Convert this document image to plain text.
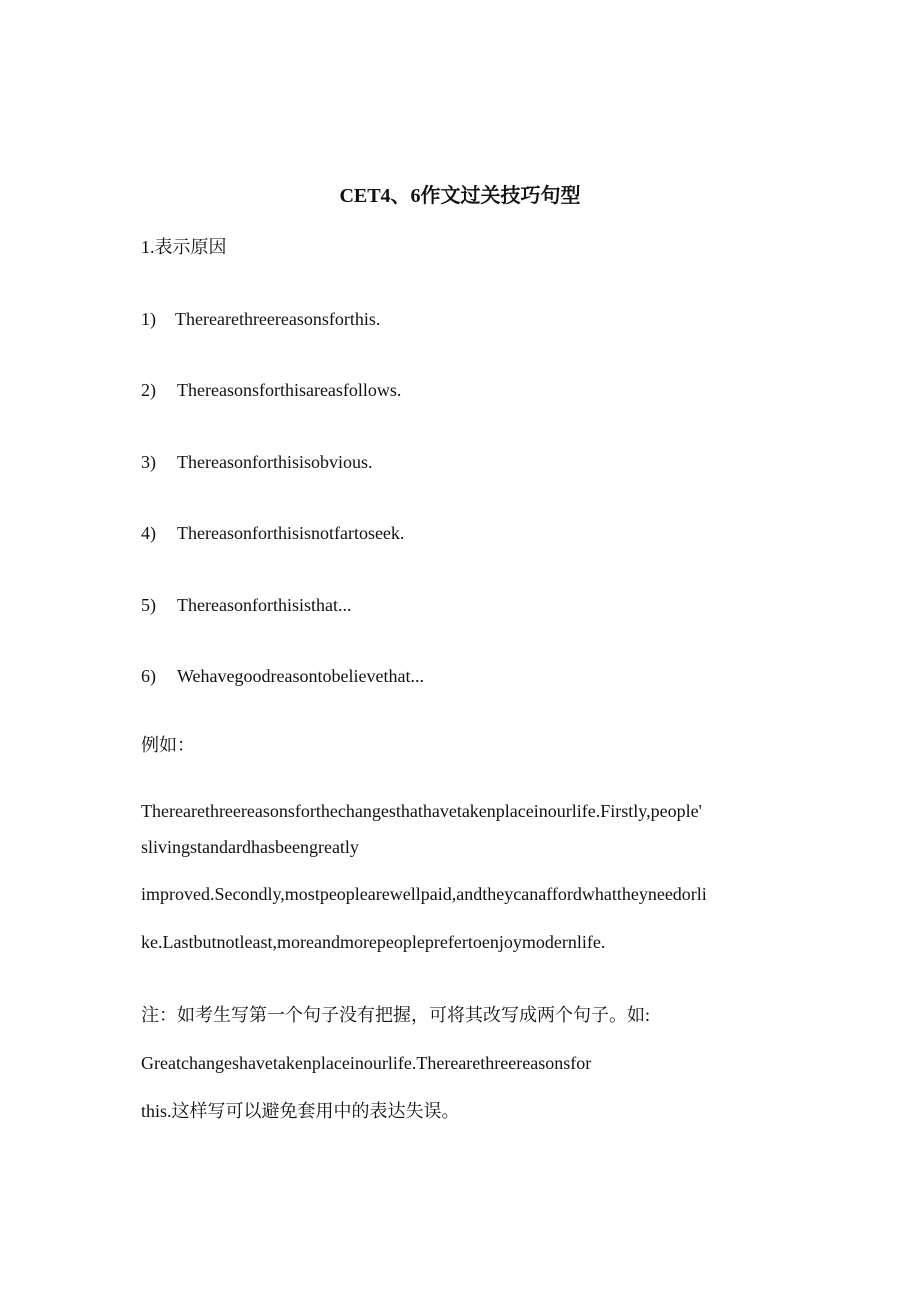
CET4、6作文过关技巧句型
1.表示原因
1) Therearethreereasonsforthis.
2) Thereasonsforthisareasfollows.
3) Thereasonforthisisobvious.
4) Thereasonforthisisnotfartoseek.
5) Thereasonforthisisthat...
6) Wehavegoodreasontobelievethat...
例如：
Therearethreereasonsforthechangesthathavetakenplaceinourlife.Firstly,people'
slivingstandardhasbeengreatly
improved.Secondly,mostpeoplearewellpaid,andtheycanaffordwhattheyneedorli
ke.Lastbutnotleast,moreandmorepeopleprefertoenjoymodernlife.
注：如考生写第一个句子没有把握，可将其改写成两个句子。如:
Greatchangeshavetakenplaceinourlife.Therearethreereasonsfor
this.这样写可以避免套用中的表达失误。
